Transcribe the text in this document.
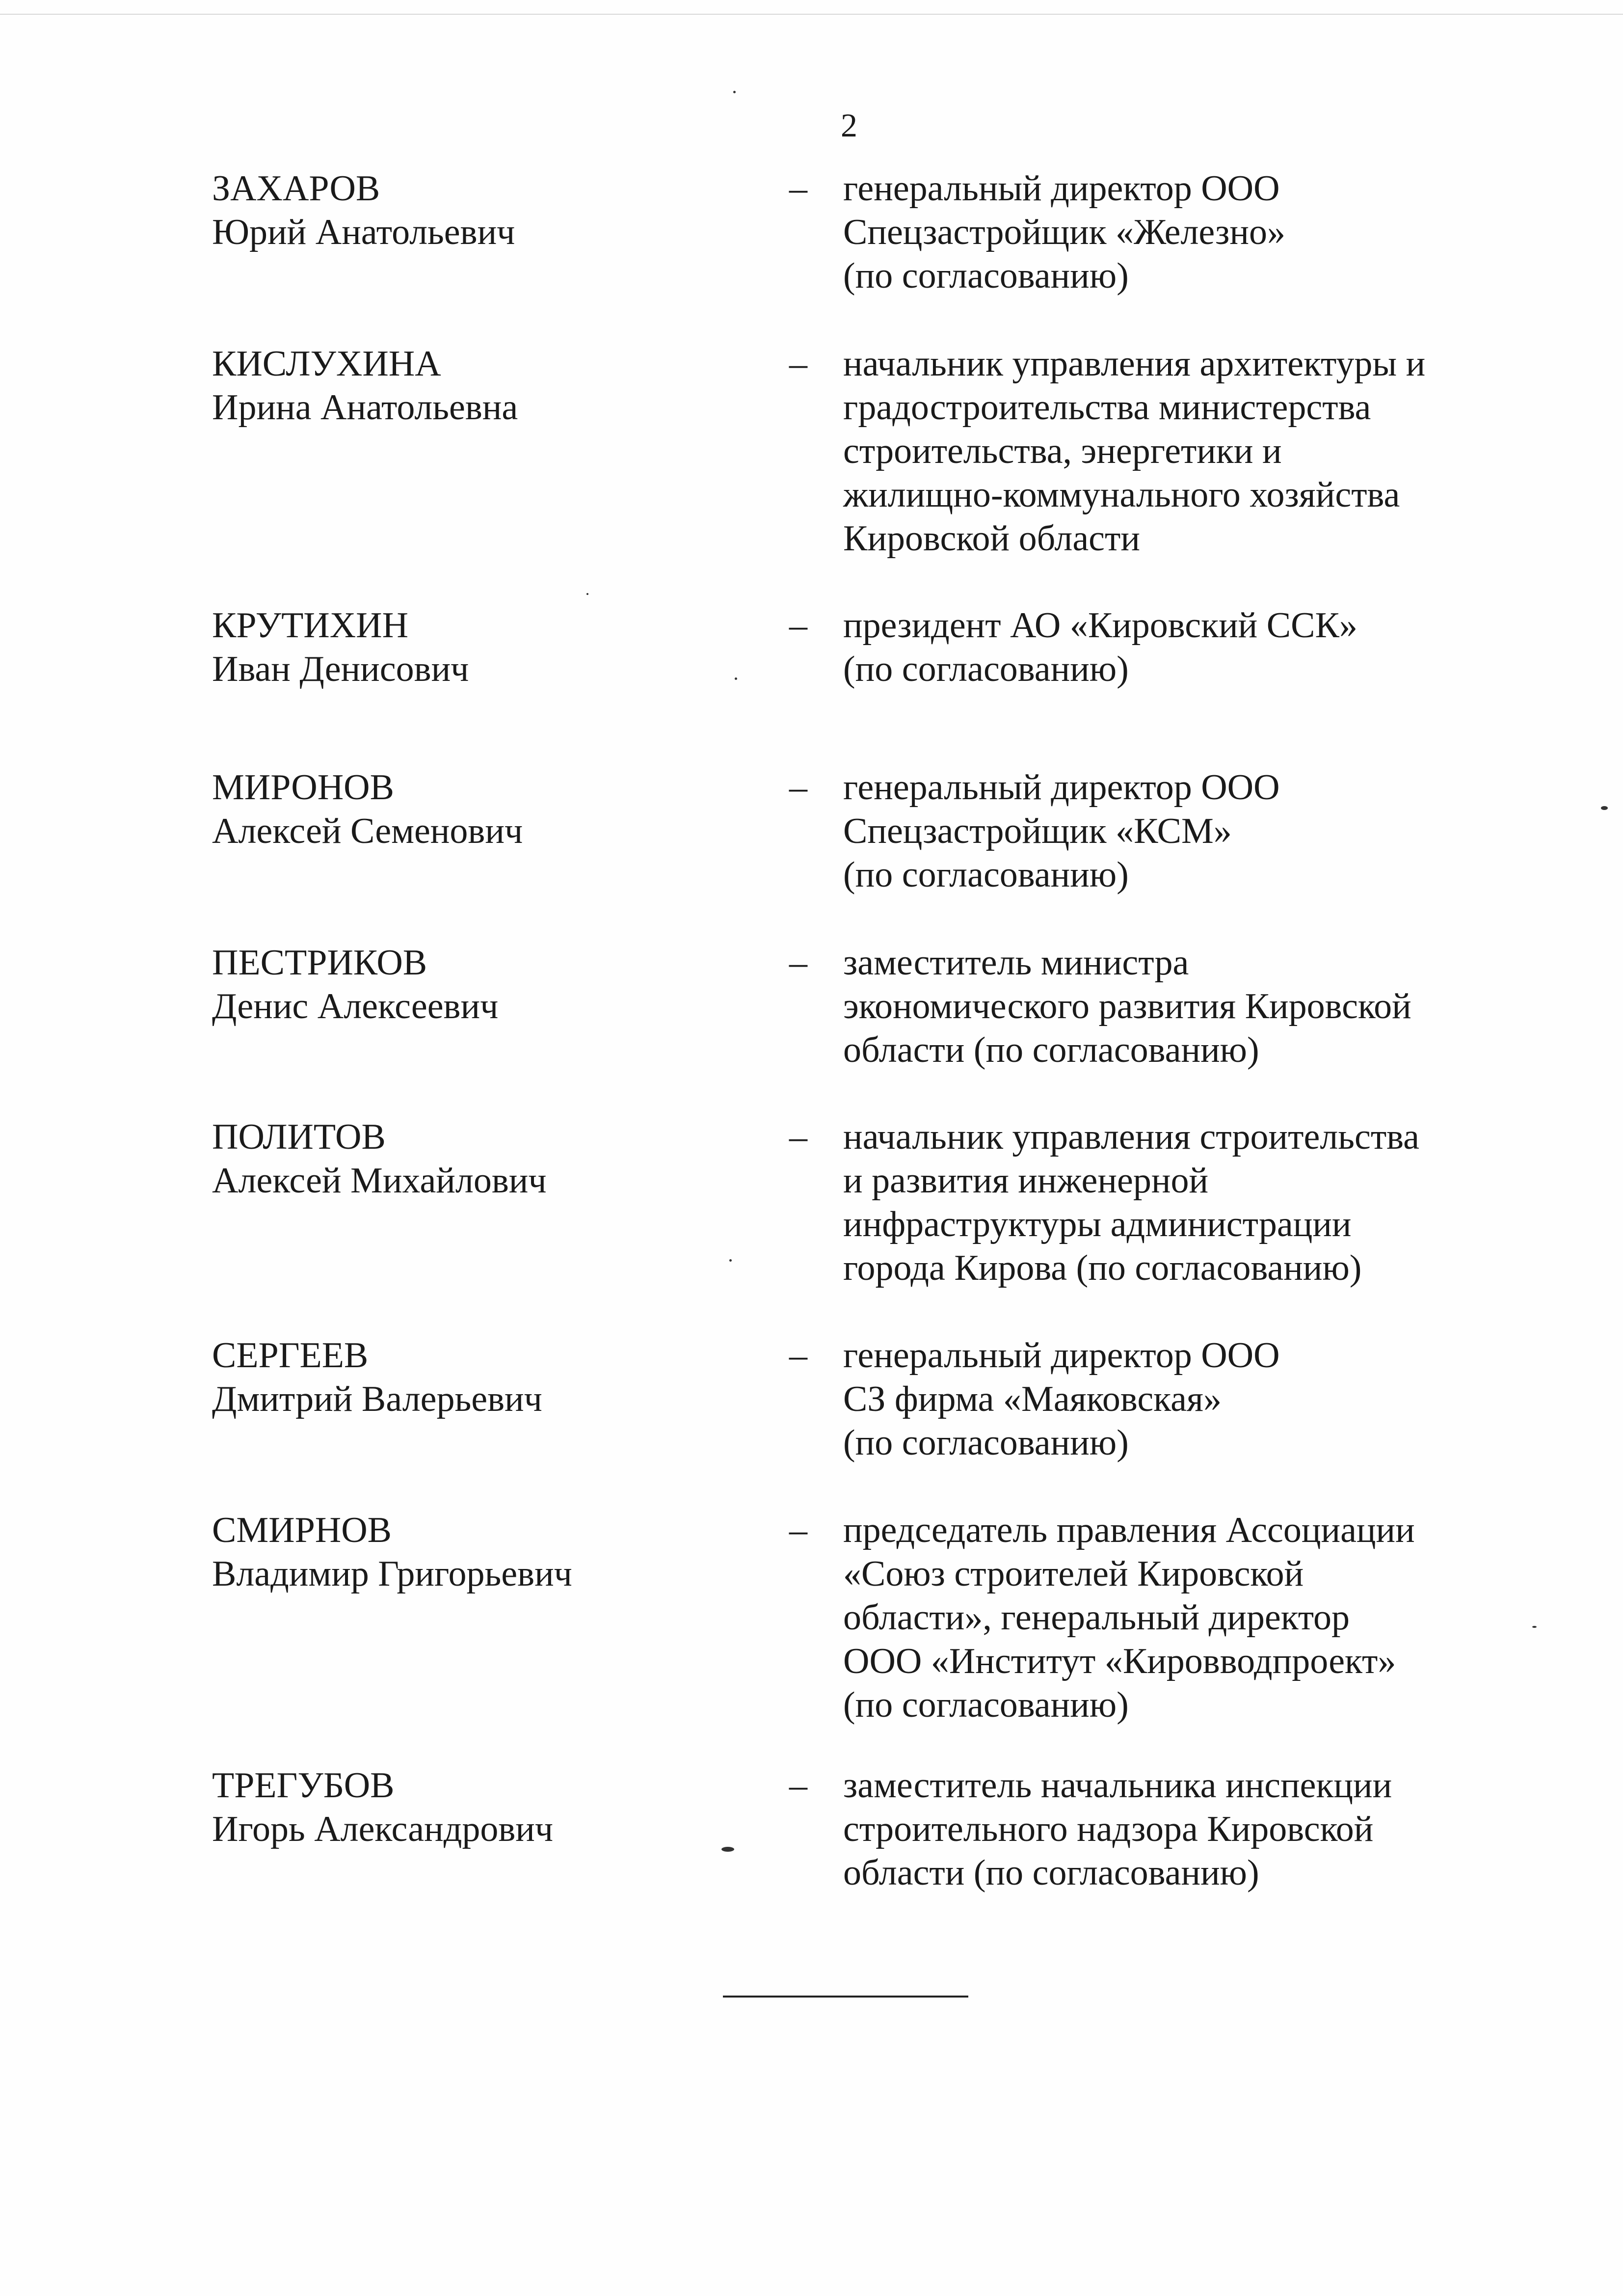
2
ЗАХАРОВ
Юрий Анатольевич
– генеральный директор ООО
Спецзастройщик «Железно»
(по согласованию)
КИСЛУХИНА
Ирина Анатольевна
– начальник управления архитектуры и
градостроительства министерства
строительства, энергетики и
жилищно-коммунального хозяйства
Кировской области
КРУТИХИН
Иван Денисович
– президент АО «Кировский ССК»
(по согласованию)
МИРОНОВ
Алексей Семенович
– генеральный директор ООО
Спецзастройщик «КСМ»
(по согласованию)
ПЕСТРИКОВ
Денис Алексеевич
– заместитель министра
экономического развития Кировской
области (по согласованию)
ПОЛИТОВ
Алексей Михайлович
– начальник управления строительства
и развития инженерной
инфраструктуры администрации
города Кирова (по согласованию)
СЕРГЕЕВ
Дмитрий Валерьевич
– генеральный директор ООО
СЗ фирма «Маяковская»
(по согласованию)
СМИРНОВ
Владимир Григорьевич
– председатель правления Ассоциации
«Союз строителей Кировской
области», генеральный директор
ООО «Институт «Кировводпроект»
(по согласованию)
ТРЕГУБОВ
Игорь Александрович
– заместитель начальника инспекции
строительного надзора Кировской
области (по согласованию)
